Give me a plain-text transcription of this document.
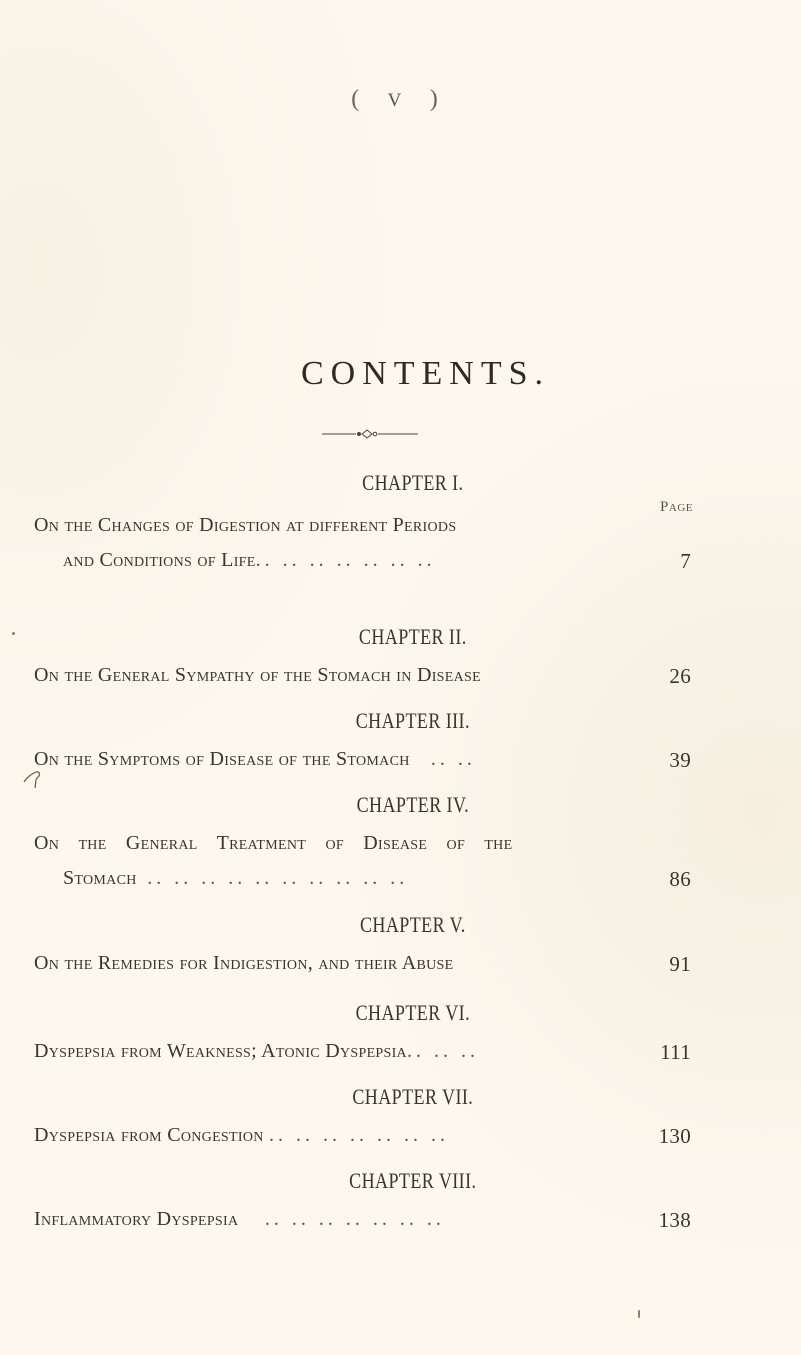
( V )
CONTENTS.
Page
CHAPTER I.
On the Changes of Digestion at different Periods
and Conditions of Life.. .. .. .. .. .. ..	7
CHAPTER II.
On the General Sympathy of the Stomach in Disease	26
CHAPTER III.
On the Symptoms of Disease of the Stomach .. ..	39
CHAPTER IV.
On the General Treatment of Disease of the
Stomach .. .. .. .. .. .. .. .. .. ..	86
CHAPTER V.
On the Remedies for Indigestion, and their Abuse	91
CHAPTER VI.
Dyspepsia from Weakness; Atonic Dyspepsia.. .. ..	111
CHAPTER VII.
Dyspepsia from Congestion .. .. .. .. .. .. ..	130
CHAPTER VIII.
Inflammatory Dyspepsia .. .. .. .. .. .. ..	138
